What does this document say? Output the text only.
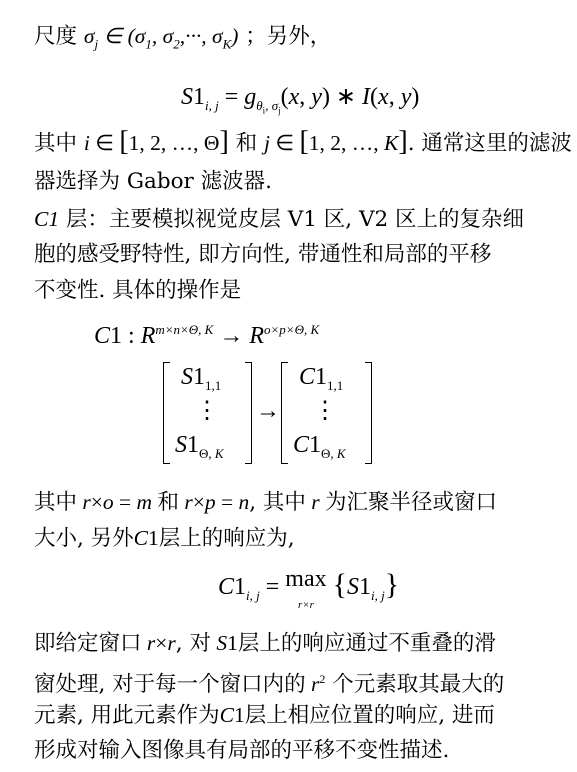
尺度 $\sigma_j$ ∈ ($\sigma_1$, $\sigma_2,\cdot\cdot\cdot$, $\sigma_K$) ；另外，
$S1_{i, j} = g_{\theta_i, \sigma_j}(x$, y) ∗ I(x, y)
其中 i ∈ [1, 2, …, Θ] 和 j ∈ [1, 2, …, K]. 通常这里的滤波
器选择为 Gabor 滤波器.
C1 层：主要模拟视觉皮层 V1 区, V2 区上的复杂细
胞的感受野特性, 即方向性, 带通性和局部的平移
不变性. 具体的操作是
C1 : $R^{m\times n\times\Theta, K} \to R^{o\times p\times\Theta, K}$
$S1_{1,1}$
⋮
$S1_{\Theta, K}$
→
$C1_{1,1}$
⋮
$C1_{\Theta, K}$
其中 r×o = m 和 r×p = n, 其中 r 为汇聚半径或窗口
大小, 另外C1层上的响应为,
$C1_{i, j} = \max$
r×r $\{S1_{i, j}\}$
即给定窗口 r×r, 对 S1层上的响应通过不重叠的滑
窗处理, 对于每一个窗口内的 $r^2$ 个元素取其最大的
元素, 用此元素作为C1层上相应位置的响应, 进而
形成对输入图像具有局部的平移不变性描述.
